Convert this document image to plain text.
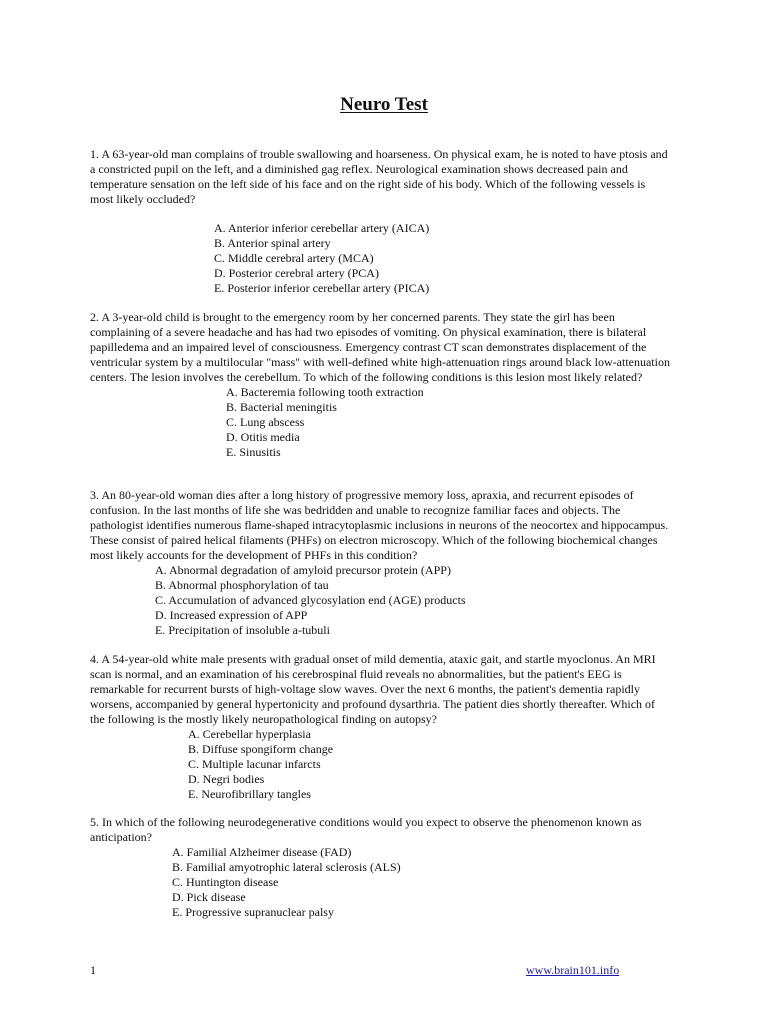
Neuro Test

1. A 63-year-old man complains of trouble swallowing and hoarseness. On physical exam, he is noted to have ptosis and a constricted pupil on the left, and a diminished gag reflex. Neurological examination shows decreased pain and temperature sensation on the left side of his face and on the right side of his body. Which of the following vessels is most likely occluded?

A. Anterior inferior cerebellar artery (AICA)
B. Anterior spinal artery
C. Middle cerebral artery (MCA)
D. Posterior cerebral artery (PCA)
E. Posterior inferior cerebellar artery (PICA)

2. A 3-year-old child is brought to the emergency room by her concerned parents. They state the girl has been complaining of a severe headache and has had two episodes of vomiting. On physical examination, there is bilateral papilledema and an impaired level of consciousness. Emergency contrast CT scan demonstrates displacement of the ventricular system by a multilocular "mass" with well-defined white high-attenuation rings around black low-attenuation centers. The lesion involves the cerebellum. To which of the following conditions is this lesion most likely related?

A. Bacteremia following tooth extraction
B. Bacterial meningitis
C. Lung abscess
D. Otitis media
E. Sinusitis

3. An 80-year-old woman dies after a long history of progressive memory loss, apraxia, and recurrent episodes of confusion. In the last months of life she was bedridden and unable to recognize familiar faces and objects. The pathologist identifies numerous flame-shaped intracytoplasmic inclusions in neurons of the neocortex and hippocampus. These consist of paired helical filaments (PHFs) on electron microscopy. Which of the following biochemical changes most likely accounts for the development of PHFs in this condition?

A. Abnormal degradation of amyloid precursor protein (APP)
B. Abnormal phosphorylation of tau
C. Accumulation of advanced glycosylation end (AGE) products
D. Increased expression of APP
E. Precipitation of insoluble a-tubuli

4. A 54-year-old white male presents with gradual onset of mild dementia, ataxic gait, and startle myoclonus. An MRI scan is normal, and an examination of his cerebrospinal fluid reveals no abnormalities, but the patient's EEG is remarkable for recurrent bursts of high-voltage slow waves. Over the next 6 months, the patient's dementia rapidly worsens, accompanied by general hypertonicity and profound dysarthria. The patient dies shortly thereafter. Which of the following is the mostly likely neuropathological finding on autopsy?

A. Cerebellar hyperplasia
B. Diffuse spongiform change
C. Multiple lacunar infarcts
D. Negri bodies
E. Neurofibrillary tangles

5. In which of the following neurodegenerative conditions would you expect to observe the phenomenon known as anticipation?

A. Familial Alzheimer disease (FAD)
B. Familial amyotrophic lateral sclerosis (ALS)
C. Huntington disease
D. Pick disease
E. Progressive supranuclear palsy
1	www.brain101.info
